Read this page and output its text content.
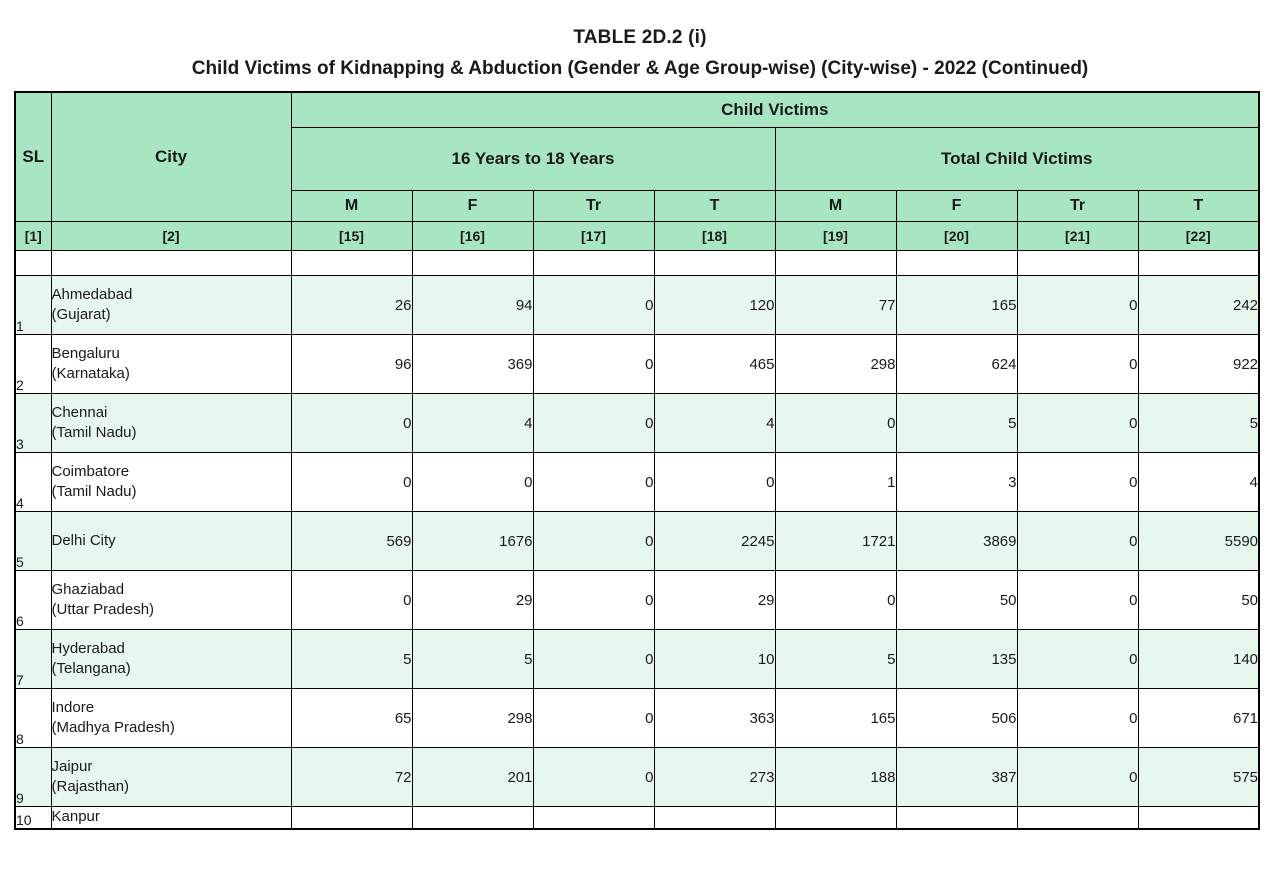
TABLE 2D.2 (i)
Child Victims of Kidnapping & Abduction (Gender & Age Group-wise) (City-wise) - 2022 (Continued)
SL	City	Child Victims							
		16 Years to 18 Years				Total Child Victims			
		M	F	Tr	T	M	F	Tr	T
[1]	[2]	[15]	[16]	[17]	[18]	[19]	[20]	[21]	[22]

1	Ahmedabad
(Gujarat)	26	94	0	120	77	165	0	242
2	Bengaluru
(Karnataka)	96	369	0	465	298	624	0	922
3	Chennai
(Tamil Nadu)	0	4	0	4	0	5	0	5
4	Coimbatore
(Tamil Nadu)	0	0	0	0	1	3	0	4
5	Delhi City	569	1676	0	2245	1721	3869	0	5590
6	Ghaziabad
(Uttar Pradesh)	0	29	0	29	0	50	0	50
7	Hyderabad
(Telangana)	5	5	0	10	5	135	0	140
8	Indore
(Madhya Pradesh)	65	298	0	363	165	506	0	671
9	Jaipur
(Rajasthan)	72	201	0	273	188	387	0	575
10	Kanpur								
